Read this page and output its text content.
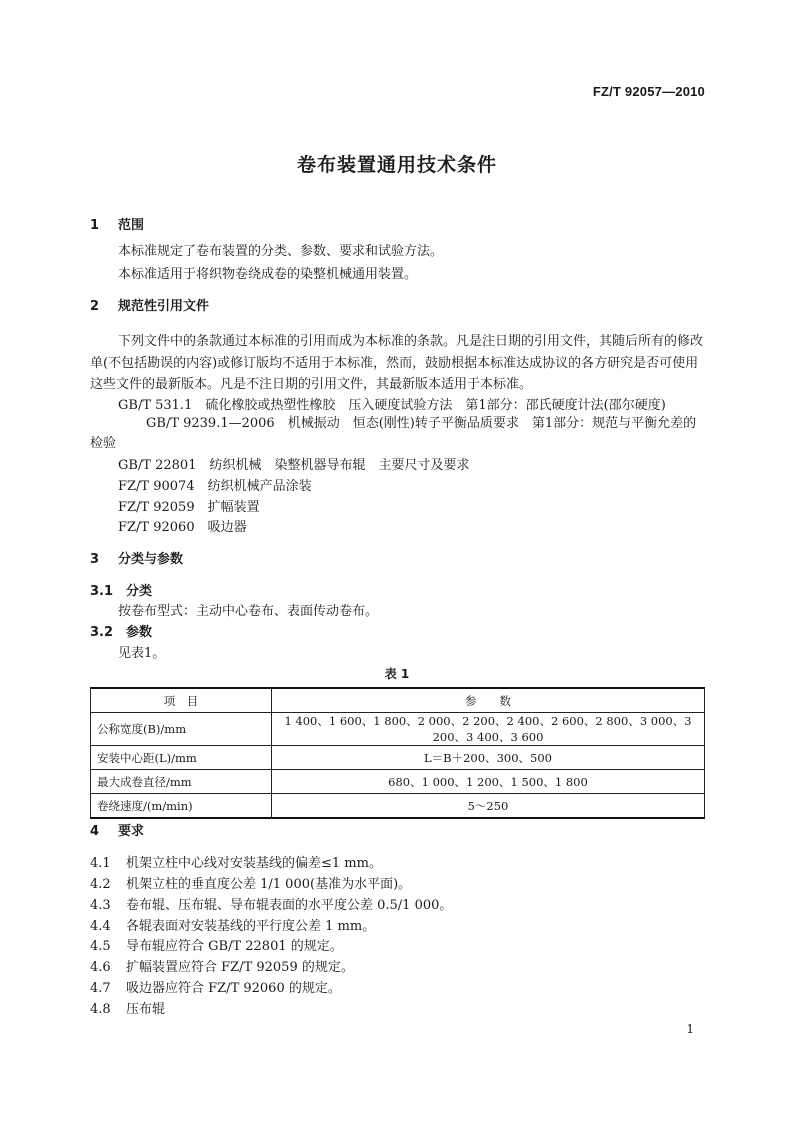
FZ/T 92057—2010
卷布装置通用技术条件
1 范围
本标准规定了卷布装置的分类、参数、要求和试验方法。
本标准适用于将织物卷绕成卷的染整机械通用装置。
2 规范性引用文件
下列文件中的条款通过本标准的引用而成为本标准的条款。凡是注日期的引用文件，其随后所有的修改单(不包括勘误的内容)或修订版均不适用于本标准，然而，鼓励根据本标准达成协议的各方研究是否可使用这些文件的最新版本。凡是不注日期的引用文件，其最新版本适用于本标准。
GB/T 531.1　 硫化橡胶或热塑性橡胶　压入硬度试验方法　第1部分：邵氏硬度计法(邵尔硬度)
GB/T 9239.1—2006　 机械振动　恒态(刚性)转子平衡品质要求　第1部分：规范与平衡允差的检验
GB/T 22801　 纺织机械　染整机器导布辊　主要尺寸及要求
FZ/T 90074　 纺织机械产品涂装
FZ/T 92059　 扩幅装置
FZ/T 92060　 吸边器
3 分类与参数
3.1 分类
按卷布型式：主动中心卷布、表面传动卷布。
3.2 参数
见表1。
表 1
项　目	参　　数
公称宽度(B)/mm	1 400、1 600、1 800、2 000、2 200、2 400、2 600、2 800、3 000、3 200、3 400、3 600
安装中心距(L)/mm	L＝B＋200、300、500
最大成卷直径/mm	680、1 000、1 200、1 500、1 800
卷绕速度/(m/min)	5～250
4 要求
4.1 机架立柱中心线对安装基线的偏差≤1 mm。
4.2 机架立柱的垂直度公差 1/1 000(基准为水平面)。
4.3 卷布辊、压布辊、导布辊表面的水平度公差 0.5/1 000。
4.4 各辊表面对安装基线的平行度公差 1 mm。
4.5 导布辊应符合 GB/T 22801 的规定。
4.6 扩幅装置应符合 FZ/T 92059 的规定。
4.7 吸边器应符合 FZ/T 92060 的规定。
4.8 压布辊
1
